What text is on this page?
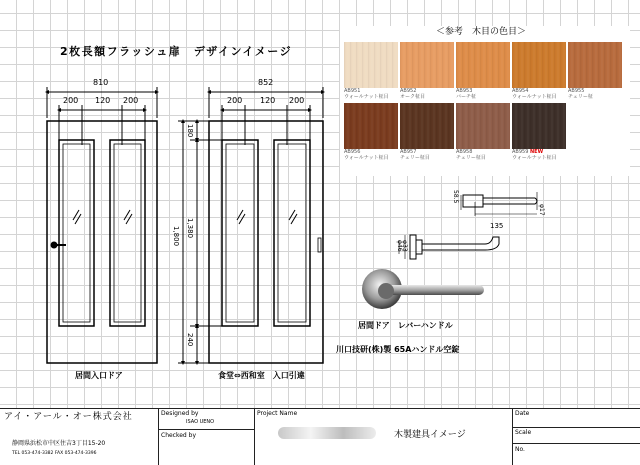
2枚長額フラッシュ扉　デザインイメージ
810
200 120 200
居間入口ドア
852
200 120 200
180
1,380
240
1,800
食堂⇔西和室　入口引違
＜参考　木目の色目＞
AB951
ウォールナット柾目
AB952
オーク柾目
AB953
バーチ柾
AB954
ウォールナット柾目
AB955
チェリー柾
AB956
ウォールナット柾目
AB957
チェリー柾目
AB958
チェリー柾目
AB959 NEW
ウォールナット柾目
58.5
135
φ17
φ46
φ33
居間ドア　レバーハンドル
川口技研(株)製 65Aハンドル空錠
アイ・アール・オー株式会社
静岡県浜松市中区住吉3丁目15-20
TEL 053-474-3382 FAX 053-474-3396
Designed by
ISAO UENO
Checked by
Project Name
木製建具イメージ
Date
Scale
No.
